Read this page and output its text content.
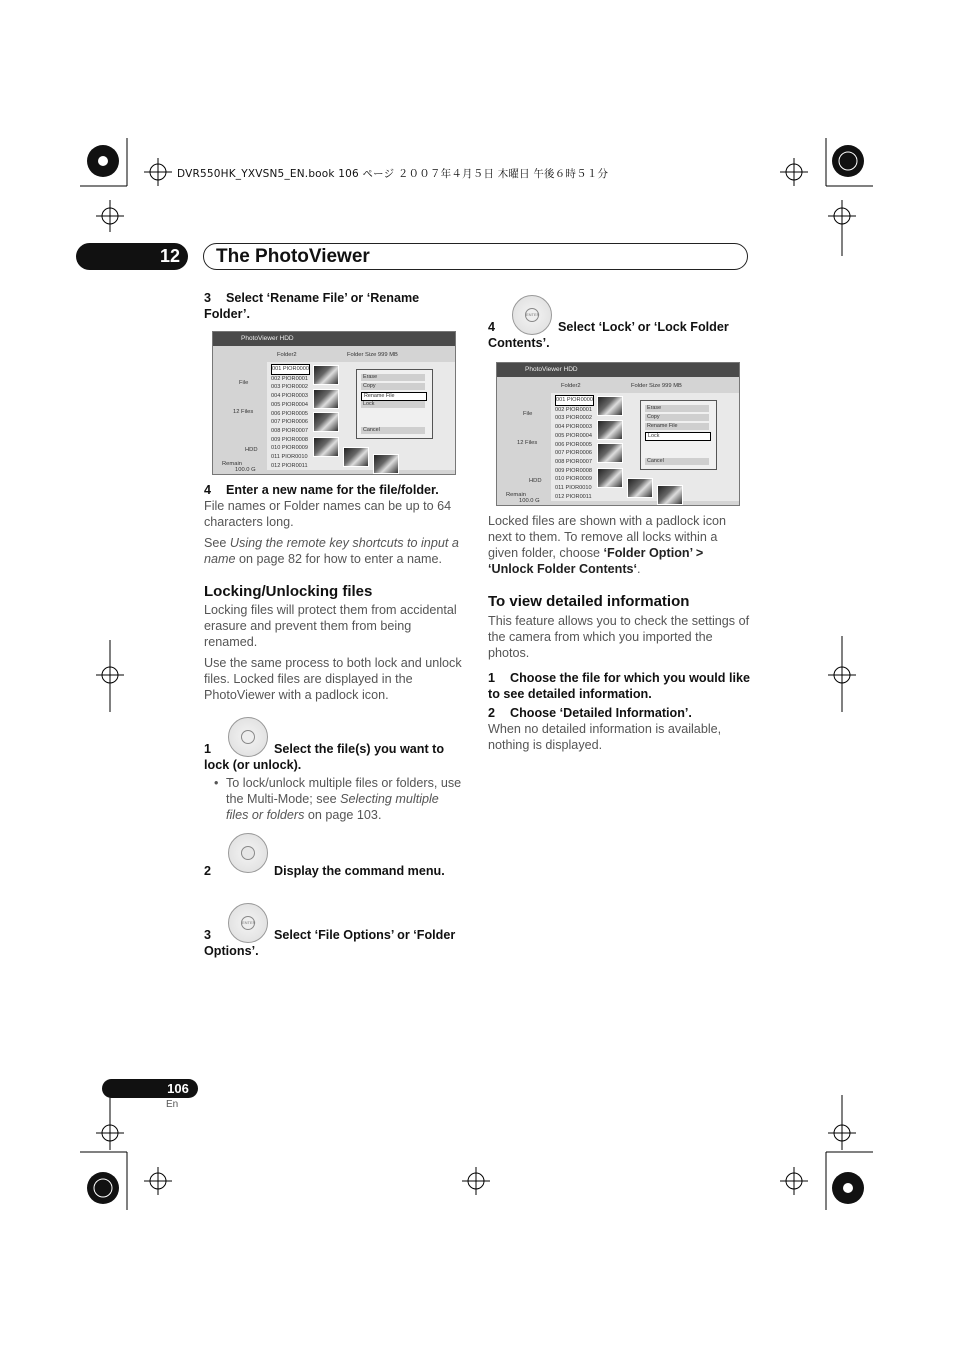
DVR550HK_YXVSN5_EN.book 106 ページ ２００７年４月５日 木曜日 午後６時５１分
12	The PhotoViewer
3 Select ‘Rename File’ or ‘Rename Folder’.
PhotoViewer HDD
Folder2	Folder Size 999 MB
File
12 Files
HDD
Remain
100.0 G
001 PIOR0000
002 PIOR0001
003 PIOR0002
004 PIOR0003
005 PIOR0004
006 PIOR0005
007 PIOR0006
008 PIOR0007
009 PIOR0008
010 PIOR0009
011 PIOR0010
012 PIOR0011
Erase
Copy
Rename File
Lock
Cancel
4 Enter a new name for the file/folder.
File names or Folder names can be up to 64 characters long.
See Using the remote key shortcuts to input a name on page 82 for how to enter a name.
Locking/Unlocking files
Locking files will protect them from accidental erasure and prevent them from being renamed.
Use the same process to both lock and unlock files. Locked files are displayed in the PhotoViewer with a padlock icon.
1	Select the file(s) you want to
lock (or unlock).
• To lock/unlock multiple files or folders, use the Multi-Mode; see Selecting multiple files or folders on page 103.
2	Display the command menu.
ENTER
3	Select ‘File Options’ or ‘Folder
Options’.
ENTER
4	Select ‘Lock’ or ‘Lock Folder
Contents’.
PhotoViewer HDD
Folder2	Folder Size 999 MB
File
12 Files
HDD
Remain
100.0 G
001 PIOR0000
002 PIOR0001
003 PIOR0002
004 PIOR0003
005 PIOR0004
006 PIOR0005
007 PIOR0006
008 PIOR0007
009 PIOR0008
010 PIOR0009
011 PIOR0010
012 PIOR0011
Erase
Copy
Rename File
Lock
Cancel
Locked files are shown with a padlock icon next to them. To remove all locks within a given folder, choose ‘Folder Option’ > ‘Unlock Folder Contents‘.
To view detailed information
This feature allows you to check the settings of the camera from which you imported the photos.
1 Choose the file for which you would like to see detailed information.
2 Choose ‘Detailed Information’.
When no detailed information is available, nothing is displayed.
106
En
